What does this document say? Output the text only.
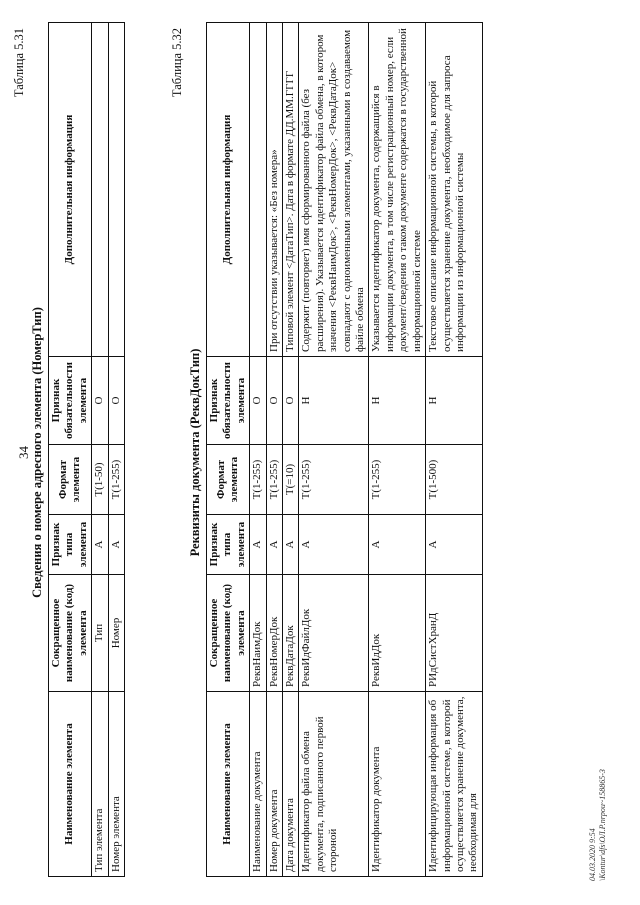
34
Таблица 5.31
Сведения о номере адресного элемента (НомерТип)
Наименование элемента	Сокращенное наименование (код) элемента	Признак типа элемента	Формат элемента	Признак обязательности элемента	Дополнительная информация
Тип элемента	Тип	А	T(1-50)	О	
Номер элемента	Номер	А	T(1-255)	О	
Таблица 5.32
Реквизиты документа (РеквДокТип)
Наименование элемента	Сокращенное наименование (код) элемента	Признак типа элемента	Формат элемента	Признак обязательности элемента	Дополнительная информация
Наименование документа	РеквНаимДок	А	T(1-255)	О	
Номер документа	РеквНомерДок	А	T(1-255)	О	При отсутствии указывается: «Без номера»
Дата документа	РеквДатаДок	А	T(=10)	О	Типовой элемент <ДатаТип>. Дата в формате ДД.ММ.ГГГГ
Идентификатор файла обмена документа, подписанного первой стороной	РеквИдФайлДок	А	T(1-255)	Н	Содержит (повторяет) имя сформированного файла (без расширения). Указывается идентификатор файла обмена, в котором значения <РеквНаимДок>, <РеквНомерДок>, <РеквДатаДок> совпадают с одноименными элементами, указанными в создаваемом файле обмена
Идентификатор документа	РеквИдДок	А	T(1-255)	Н	Указывается идентификатор документа, содержащийся в информации документа, в том числе регистрационный номер, если документ/сведения о таком документе содержатся в государственной информационной системе
Идентифицирующая информация об информационной системе, в которой осуществляется хранение документа, необходимая для	РИдСистХранД	А	T(1-500)	Н	Текстовое описание информационной системы, в которой осуществляется хранение документа, необходимое для запроса информации из информационной системы
04.03.2020 9:54 \Kontur\dfs\ОЛ.Р.nrpou~158865-3
